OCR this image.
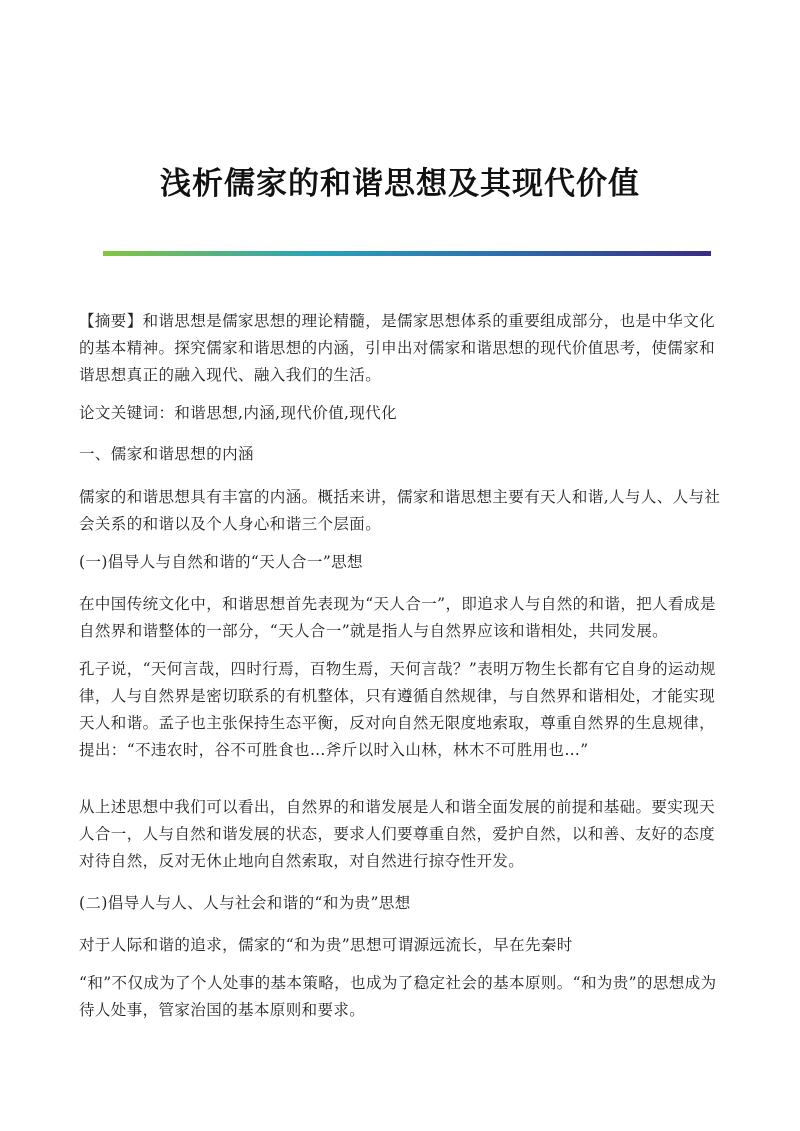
浅析儒家的和谐思想及其现代价值
【摘要】和谐思想是儒家思想的理论精髓，是儒家思想体系的重要组成部分，也是中华文化的基本精神。探究儒家和谐思想的内涵，引申出对儒家和谐思想的现代价值思考，使儒家和谐思想真正的融入现代、融入我们的生活。
论文关键词：和谐思想,内涵,现代价值,现代化
一、儒家和谐思想的内涵
儒家的和谐思想具有丰富的内涵。概括来讲，儒家和谐思想主要有天人和谐,人与人、人与社会关系的和谐以及个人身心和谐三个层面。
(一)倡导人与自然和谐的“天人合一”思想
在中国传统文化中，和谐思想首先表现为“天人合一”，即追求人与自然的和谐，把人看成是自然界和谐整体的一部分，“天人合一”就是指人与自然界应该和谐相处，共同发展。
孔子说，“天何言哉，四时行焉，百物生焉，天何言哉？”表明万物生长都有它自身的运动规律，人与自然界是密切联系的有机整体，只有遵循自然规律，与自然界和谐相处，才能实现天人和谐。孟子也主张保持生态平衡，反对向自然无限度地索取，尊重自然界的生息规律，提出：“不违农时，谷不可胜食也…斧斤以时入山林，林木不可胜用也…”
从上述思想中我们可以看出，自然界的和谐发展是人和谐全面发展的前提和基础。要实现天人合一，人与自然和谐发展的状态，要求人们要尊重自然，爱护自然，以和善、友好的态度对待自然，反对无休止地向自然索取，对自然进行掠夺性开发。
(二)倡导人与人、人与社会和谐的“和为贵”思想
对于人际和谐的追求，儒家的“和为贵”思想可谓源远流长，早在先秦时
“和”不仅成为了个人处事的基本策略，也成为了稳定社会的基本原则。“和为贵”的思想成为待人处事，管家治国的基本原则和要求。
